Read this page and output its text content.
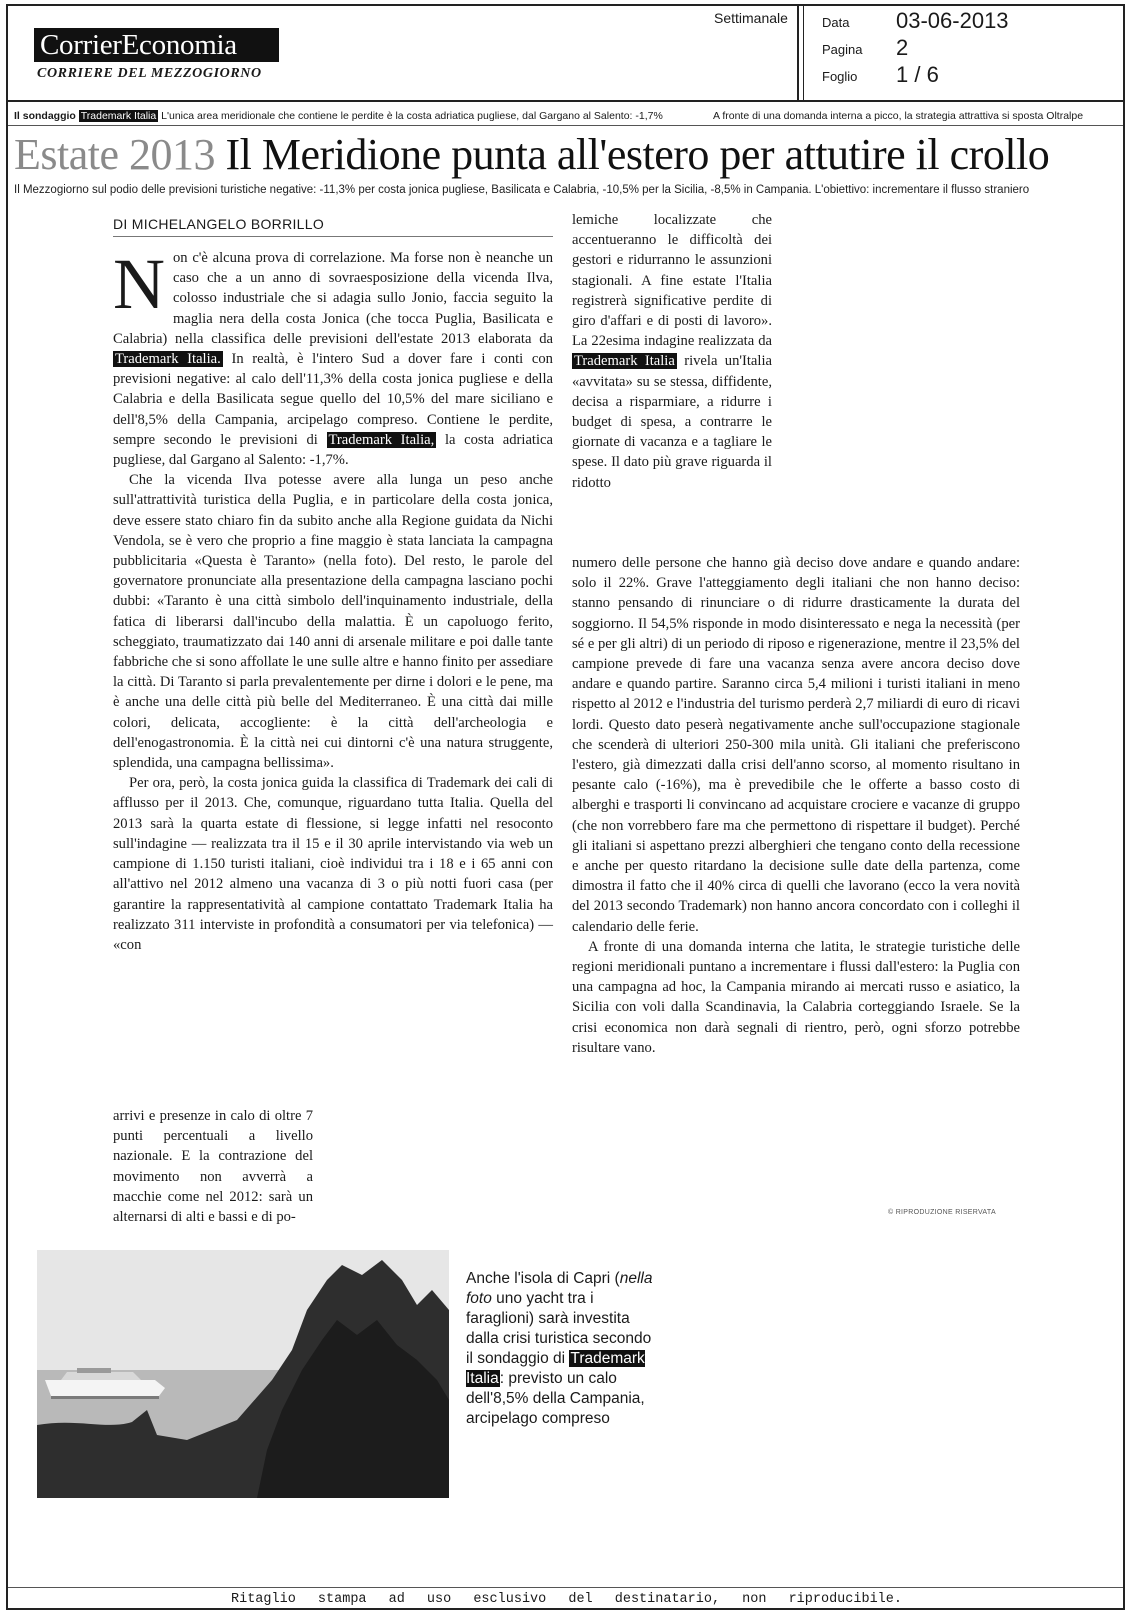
CorrierEconomia
CORRIERE DEL MEZZOGIORNO
Settimanale	Data 03-06-2013
Pagina 2
Foglio 1 / 6
Il sondaggio Trademark Italia L'unica area meridionale che contiene le perdite è la costa adriatica pugliese, dal Gargano al Salento: -1,7%	A fronte di una domanda interna a picco, la strategia attrattiva si sposta Oltralpe
Estate 2013 Il Meridione punta all'estero per attutire il crollo
Il Mezzogiorno sul podio delle previsioni turistiche negative: -11,3% per costa jonica pugliese, Basilicata e Calabria, -10,5% per la Sicilia, -8,5% in Campania. L'obiettivo: incrementare il flusso straniero
DI MICHELANGELO BORRILLO

Non c'è alcuna prova di correlazione. Ma forse non è neanche un caso che a un anno di sovraesposizione della vicenda Ilva, colosso industriale che si adagia sullo Jonio, faccia seguito la maglia nera della costa Jonica (che tocca Puglia, Basilicata e Calabria) nella classifica delle previsioni dell'estate 2013 elaborata da Trademark Italia. In realtà, è l'intero Sud a dover fare i conti con previsioni negative: al calo dell'11,3% della costa jonica pugliese e della Calabria e della Basilicata segue quello del 10,5% del mare siciliano e dell'8,5% della Campania, arcipelago compreso. Contiene le perdite, sempre secondo le previsioni di Trademark Italia, la costa adriatica pugliese, dal Gargano al Salento: -1,7%.

Che la vicenda Ilva potesse avere alla lunga un peso anche sull'attrattività turistica della Puglia, e in particolare della costa jonica, deve essere stato chiaro fin da subito anche alla Regione guidata da Nichi Vendola, se è vero che proprio a fine maggio è stata lanciata la campagna pubblicitaria «Questa è Taranto» (nella foto). Del resto, le parole del governatore pronunciate alla presentazione della campagna lasciano pochi dubbi: «Taranto è una città simbolo dell'inquinamento industriale, della fatica di liberarsi dall'incubo della malattia. È un capoluogo ferito, scheggiato, traumatizzato dai 140 anni di arsenale militare e poi dalle tante fabbriche che si sono affollate le une sulle altre e hanno finito per assediare la città. Di Taranto si parla prevalentemente per dirne i dolori e le pene, ma è anche una delle città più belle del Mediterraneo. È una città dai mille colori, delicata, accogliente: è la città dell'archeologia e dell'enogastronomia. È la città nei cui dintorni c'è una natura struggente, splendida, una campagna bellissima».

Per ora, però, la costa jonica guida la classifica di Trademark dei cali di afflusso per il 2013. Che, comunque, riguardano tutta Italia. Quella del 2013 sarà la quarta estate di flessione, si legge infatti nel resoconto sull'indagine — realizzata tra il 15 e il 30 aprile intervistando via web un campione di 1.150 turisti italiani, cioè individui tra i 18 e i 65 anni con all'attivo nel 2012 almeno una vacanza di 3 o più notti fuori casa (per garantire la rappresentatività al campione contattato Trademark Italia ha realizzato 311 interviste in profondità a consumatori per via telefonica) — «con

arrivi e presenze in calo di oltre 7 punti percentuali a livello nazionale. E la contrazione del movimento non avverrà a macchie come nel 2012: sarà un alternarsi di alti e bassi e di po-

lemiche localizzate che accentueranno le difficoltà dei gestori e ridurranno le assunzioni stagionali. A fine estate l'Italia registrerà significative perdite di giro d'affari e di posti di lavoro». La 22esima indagine realizzata da Trademark Italia rivela un'Italia «avvitata» su se stessa, diffidente, decisa a risparmiare, a ridurre i budget di spesa, a contrarre le giornate di vacanza e a tagliare le spese. Il dato più grave riguarda il ridotto

numero delle persone che hanno già deciso dove andare e quando andare: solo il 22%. Grave l'atteggiamento degli italiani che non hanno deciso: stanno pensando di rinunciare o di ridurre drasticamente la durata del soggiorno. Il 54,5% risponde in modo disinteressato e nega la necessità (per sé e per gli altri) di un periodo di riposo e rigenerazione, mentre il 23,5% del campione prevede di fare una vacanza senza avere ancora deciso dove andare e quando partire. Saranno circa 5,4 milioni i turisti italiani in meno rispetto al 2012 e l'industria del turismo perderà 2,7 miliardi di euro di ricavi lordi. Questo dato peserà negativamente anche sull'occupazione stagionale che scenderà di ulteriori 250-300 mila unità. Gli italiani che preferiscono l'estero, già dimezzati dalla crisi dell'anno scorso, al momento risultano in pesante calo (-16%), ma è prevedibile che le offerte a basso costo di alberghi e trasporti li convincano ad acquistare crociere e vacanze di gruppo (che non vorrebbero fare ma che permettono di rispettare il budget). Perché gli italiani si aspettano prezzi alberghieri che tengano conto della recessione e anche per questo ritardano la decisione sulle date della partenza, come dimostra il fatto che il 40% circa di quelli che lavorano (ecco la vera novità del 2013 secondo Trademark) non hanno ancora concordato con i colleghi il calendario delle ferie.

A fronte di una domanda interna che latita, le strategie turistiche delle regioni meridionali puntano a incrementare i flussi dall'estero: la Puglia con una campagna ad hoc, la Campania mirando ai mercati russo e asiatico, la Sicilia con voli dalla Scandinavia, la Calabria corteggiando Israele. Se la crisi economica non darà segnali di rientro, però, ogni sforzo potrebbe risultare vano.

© RIPRODUZIONE RISERVATA
Anche l'isola di Capri (nella foto uno yacht tra i faraglioni) sarà investita dalla crisi turistica secondo il sondaggio di Trademark Italia: previsto un calo dell'8,5% della Campania, arcipelago compreso
Ritaglio stampa ad uso esclusivo del destinatario, non riproducibile.
